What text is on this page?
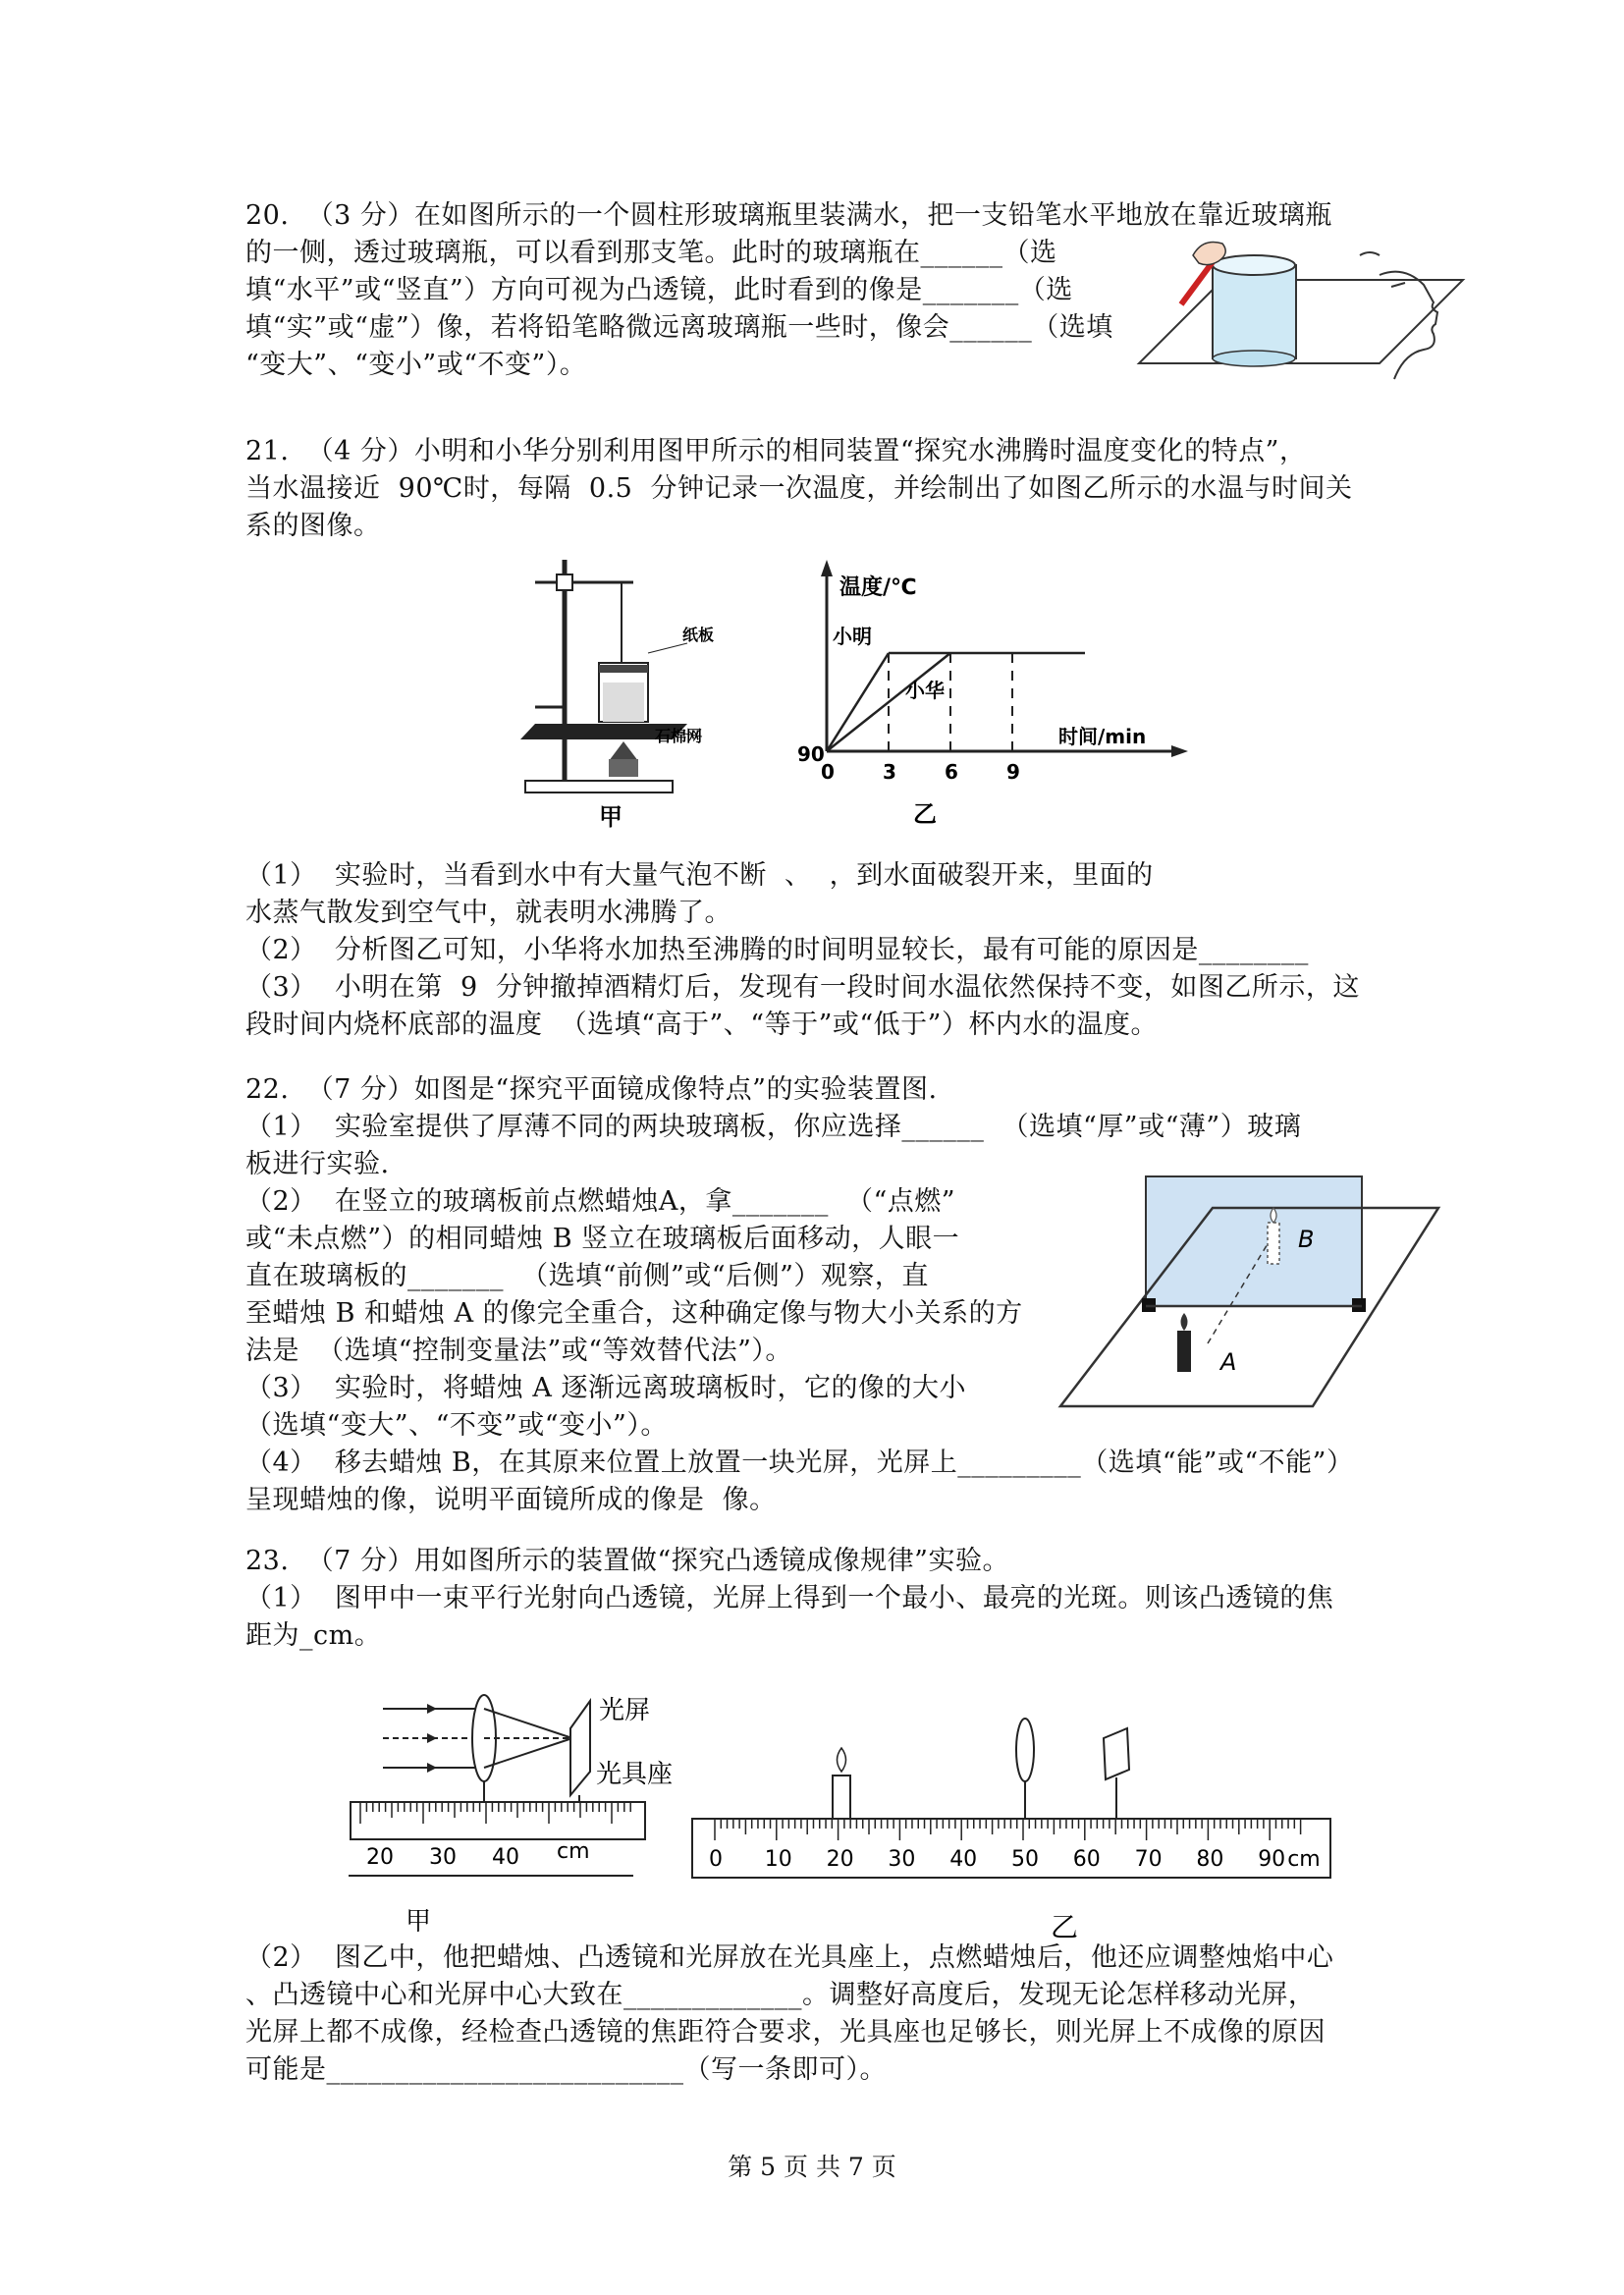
20.  （3 分）在如图所示的一个圆柱形玻璃瓶里装满水，把一支铅笔水平地放在靠近玻璃瓶
的一侧，透过玻璃瓶，可以看到那支笔。此时的玻璃瓶在______（选
填“水平”或“竖直”）方向可视为凸透镜，此时看到的像是_______（选
填“实”或“虚”）像，若将铅笔略微远离玻璃瓶一些时，像会______（选填
“变大”、“变小”或“不变”）。
21.  （4 分）小明和小华分别利用图甲所示的相同装置“探究水沸腾时温度变化的特点”，
当水温接近  90℃时，每隔  0.5  分钟记录一次温度，并绘制出了如图乙所示的水温与时间关
系的图像。
纸板
石棉网
甲
温度/℃
时间/min
90
0 3 6 9
小明
小华
乙
（1）  实验时，当看到水中有大量气泡不断  、  ，到水面破裂开来，里面的
水蒸气散发到空气中，就表明水沸腾了。
（2）  分析图乙可知，小华将水加热至沸腾的时间明显较长，最有可能的原因是________
（3）  小明在第  9  分钟撤掉酒精灯后，发现有一段时间水温依然保持不变，如图乙所示，这
段时间内烧杯底部的温度  （选填“高于”、“等于”或“低于”）杯内水的温度。
22.  （7 分）如图是“探究平面镜成像特点”的实验装置图.
（1）  实验室提供了厚薄不同的两块玻璃板，你应选择______  （选填“厚”或“薄”）玻璃
板进行实验.
（2）  在竖立的玻璃板前点燃蜡烛A，拿_______  （“点燃”
或“未点燃”）的相同蜡烛 B 竖立在玻璃板后面移动，人眼一
直在玻璃板的_______  （选填“前侧”或“后侧”）观察，直
至蜡烛 B 和蜡烛 A 的像完全重合，这种确定像与物大小关系的方
法是  （选填“控制变量法”或“等效替代法”）。
（3）  实验时，将蜡烛 A 逐渐远离玻璃板时，它的像的大小
（选填“变大”、“不变”或“变小”）。
（4）  移去蜡烛 B，在其原来位置上放置一块光屏，光屏上_________（选填“能”或“不能”）
呈现蜡烛的像，说明平面镜所成的像是  像。
B
A
23.  （7 分）用如图所示的装置做“探究凸透镜成像规律”实验。
（1）  图甲中一束平行光射向凸透镜，光屏上得到一个最小、最亮的光斑。则该凸透镜的焦
距为_cm。
光屏
光具座
20 30 40 cm
甲
0 10 20 30 40 50 60 70 80 90 cm
乙
（2）  图乙中，他把蜡烛、凸透镜和光屏放在光具座上，点燃蜡烛后，他还应调整烛焰中心
、凸透镜中心和光屏中心大致在_____________。调整好高度后，发现无论怎样移动光屏，
光屏上都不成像，经检查凸透镜的焦距符合要求，光具座也足够长，则光屏上不成像的原因
可能是__________________________（写一条即可）。
第 5 页 共 7 页
